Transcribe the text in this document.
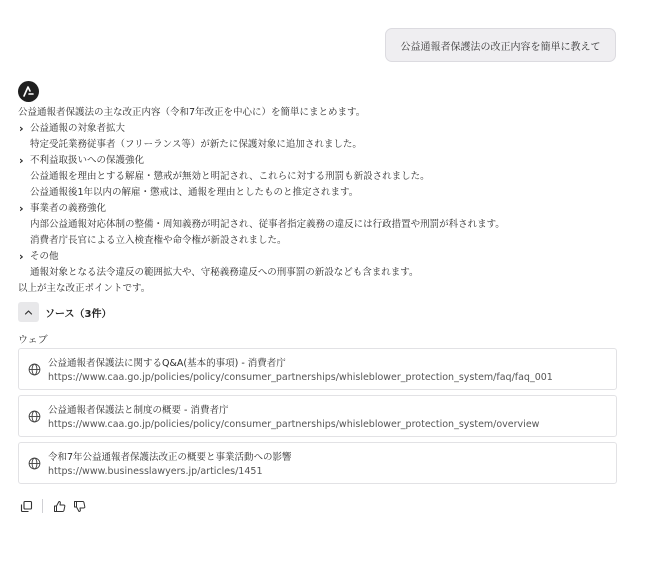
公益通報者保護法の改正内容を簡単に教えて
公益通報者保護法の主な改正内容（令和7年改正を中心に）を簡単にまとめます。
› 公益通報の対象者拡大
特定受託業務従事者（フリーランス等）が新たに保護対象に追加されました。
› 不利益取扱いへの保護強化
公益通報を理由とする解雇・懲戒が無効と明記され、これらに対する刑罰も新設されました。
公益通報後1年以内の解雇・懲戒は、通報を理由としたものと推定されます。
› 事業者の義務強化
内部公益通報対応体制の整備・周知義務が明記され、従事者指定義務の違反には行政措置や刑罰が科されます。
消費者庁長官による立入検査権や命令権が新設されました。
› その他
通報対象となる法令違反の範囲拡大や、守秘義務違反への刑事罰の新設なども含まれます。
以上が主な改正ポイントです。
ソース（3件）
ウェブ
公益通報者保護法に関するQ&A(基本的事項) - 消費者庁
https://www.caa.go.jp/policies/policy/consumer_partnerships/whisleblower_protection_system/faq/faq_001
公益通報者保護法と制度の概要 - 消費者庁
https://www.caa.go.jp/policies/policy/consumer_partnerships/whisleblower_protection_system/overview
令和7年公益通報者保護法改正の概要と事業活動への影響
https://www.businesslawyers.jp/articles/1451
